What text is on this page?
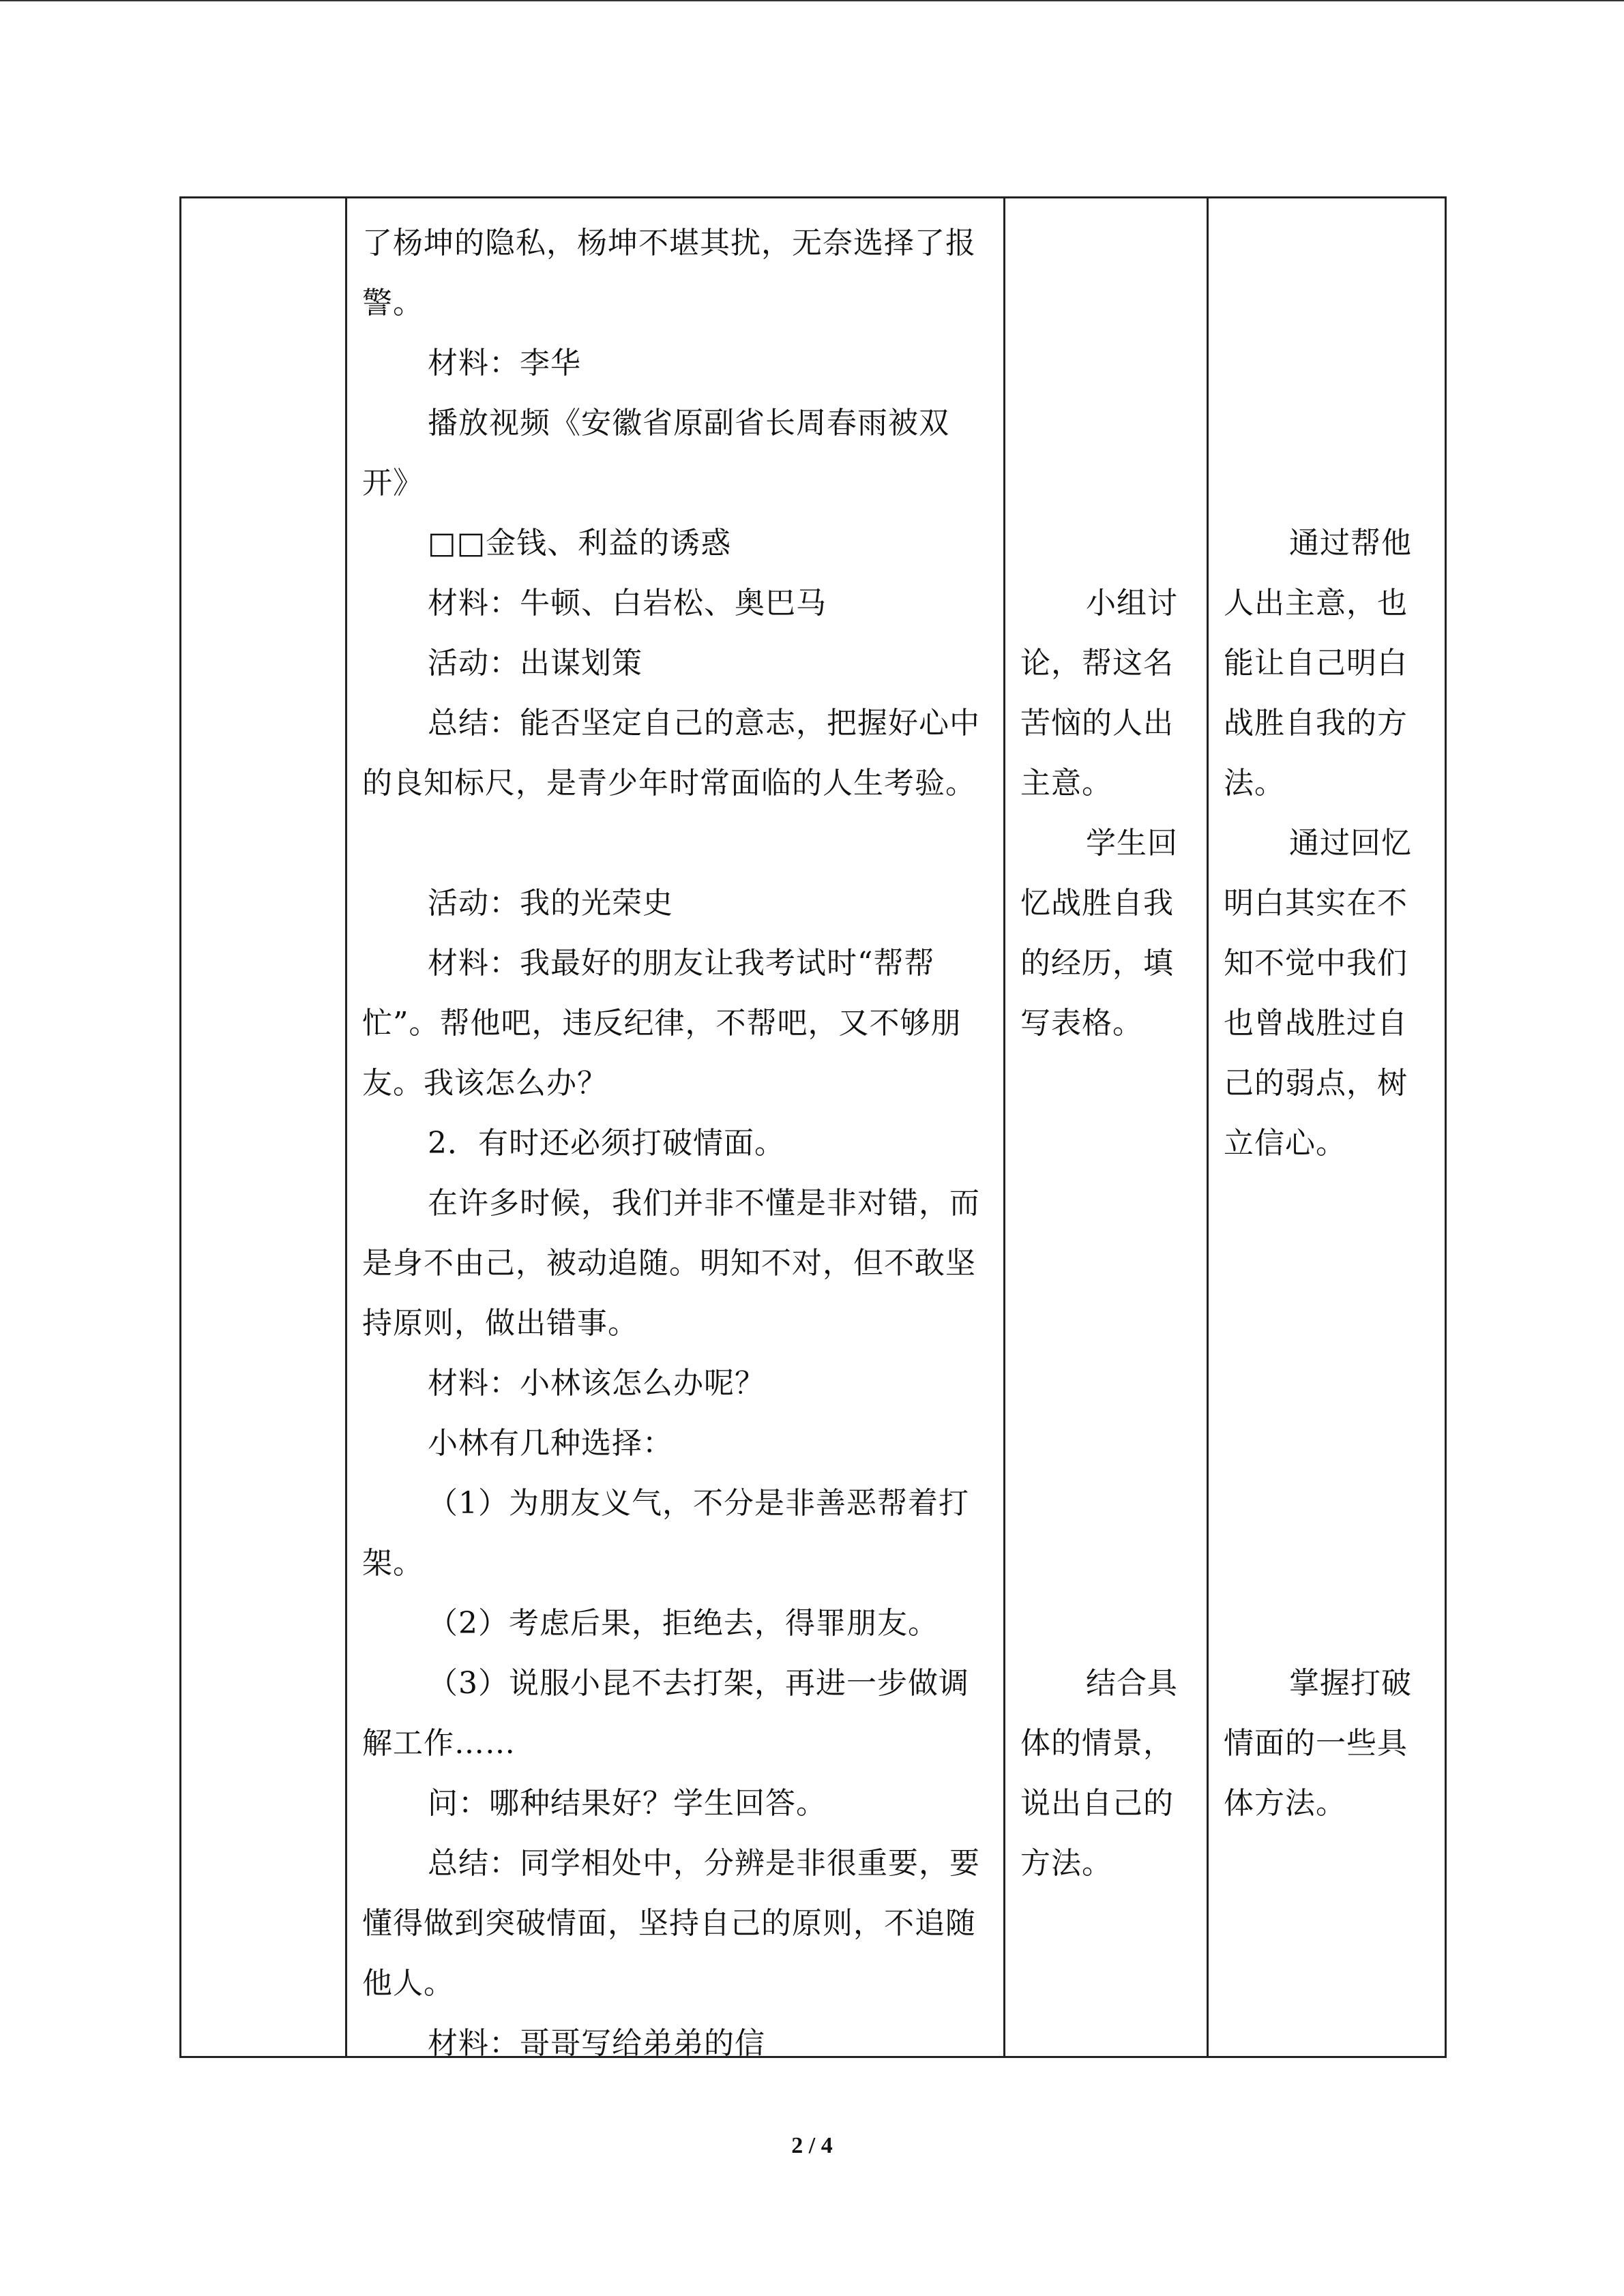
了杨坤的隐私，杨坤不堪其扰，无奈选择了报警。

材料：李华

播放视频《安徽省原副省长周春雨被双开》

□□金钱、利益的诱惑

材料：牛顿、白岩松、奥巴马

活动：出谋划策

总结：能否坚定自己的意志，把握好心中的良知标尺，是青少年时常面临的人生考验。

活动：我的光荣史

材料：我最好的朋友让我考试时“帮帮忙”。帮他吧，违反纪律，不帮吧，又不够朋友。我该怎么办？

2．有时还必须打破情面。

在许多时候，我们并非不懂是非对错，而是身不由己，被动追随。明知不对，但不敢坚持原则，做出错事。

材料：小林该怎么办呢？

小林有几种选择：

（1）为朋友义气，不分是非善恶帮着打架。

（2）考虑后果，拒绝去，得罪朋友。

（3）说服小昆不去打架，再进一步做调解工作……

问：哪种结果好？学生回答。

总结：同学相处中，分辨是非很重要，要懂得做到突破情面，坚持自己的原则，不追随他人。

材料：哥哥写给弟弟的信

小组讨论，帮这名苦恼的人出主意。

学生回忆战胜自我的经历，填写表格。

结合具体的情景，说出自己的方法。

通过帮他人出主意，也能让自己明白战胜自我的方法。

通过回忆明白其实在不知不觉中我们也曾战胜过自己的弱点，树立信心。

掌握打破情面的一些具体方法。

2 / 4
